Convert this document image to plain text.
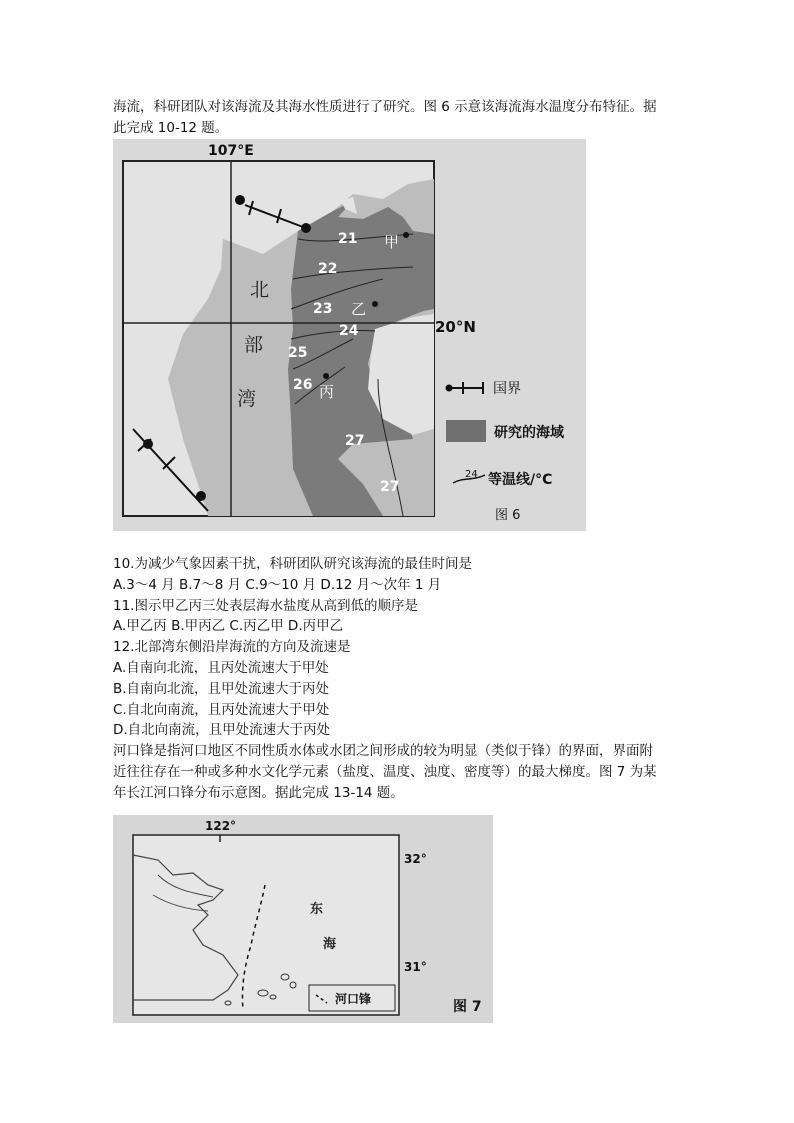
海流，科研团队对该海流及其海水性质进行了研究。图 6 示意该海流海水温度分布特征。据
此完成 10-12 题。
107°E
20°N
北
部
湾
甲
乙
丙
21
22
23
24
25
26
27
27
国界
研究的海域
24 等温线/°C
图 6
10.为减少气象因素干扰，科研团队研究该海流的最佳时间是
A.3～4 月 B.7～8 月 C.9～10 月 D.12 月～次年 1 月
11.图示甲乙丙三处表层海水盐度从高到低的顺序是
A.甲乙丙 B.甲丙乙 C.丙乙甲 D.丙甲乙
12.北部湾东侧沿岸海流的方向及流速是
A.自南向北流，且丙处流速大于甲处
B.自南向北流，且甲处流速大于丙处
C.自北向南流，且丙处流速大于甲处
D.自北向南流，且甲处流速大于丙处
河口锋是指河口地区不同性质水体或水团之间形成的较为明显（类似于锋）的界面，界面附
近往往存在一种或多种水文化学元素（盐度、温度、浊度、密度等）的最大梯度。图 7 为某
年长江河口锋分布示意图。据此完成 13-14 题。
122°
32°
31°
东
海
河口锋	图 7
